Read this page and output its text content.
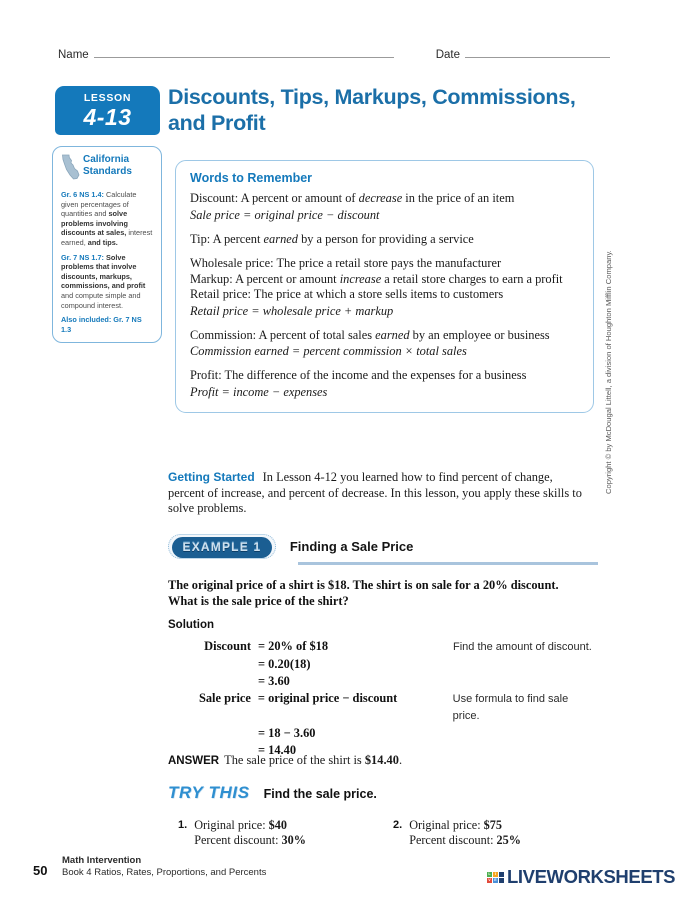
Name	Date
LESSON
4-13
Discounts, Tips, Markups, Commissions, and Profit
California Standards

Gr. 6 NS 1.4: Calculate given percentages of quantities and solve problems involving discounts at sales, interest earned, and tips.

Gr. 7 NS 1.7: Solve problems that involve discounts, markups, commissions, and profit and compute simple and compound interest.

Also included: Gr. 7 NS 1.3

Words to Remember
Discount: A percent or amount of decrease in the price of an item
Sale price = original price − discount
Tip: A percent earned by a person for providing a service
Wholesale price: The price a retail store pays the manufacturer
Markup: A percent or amount increase a retail store charges to earn a profit
Retail price: The price at which a store sells items to customers
Retail price = wholesale price + markup
Commission: A percent of total sales earned by an employee or business
Commission earned = percent commission × total sales
Profit: The difference of the income and the expenses for a business
Profit = income − expenses
Getting Started In Lesson 4-12 you learned how to find percent of change, percent of increase, and percent of decrease. In this lesson, you apply these skills to solve problems.
EXAMPLE 1	Finding a Sale Price
The original price of a shirt is $18. The shirt is on sale for a 20% discount. What is the sale price of the shirt?
Solution
Discount = 20% of $18	Find the amount of discount.
= 0.20(18)
= 3.60
Sale price = original price − discount	Use formula to find sale price.
= 18 − 3.60
= 14.40
ANSWER The sale price of the shirt is $14.40.
TRY THIS Find the sale price.
1. Original price: $40
Percent discount: 30%
2. Original price: $75
Percent discount: 25%
Copyright © by McDougal Littell, a division of Houghton Mifflin Company.
50
Math Intervention
Book 4 Ratios, Rates, Proportions, and Percents	L	I
V E LIVEWORKSHEETS
